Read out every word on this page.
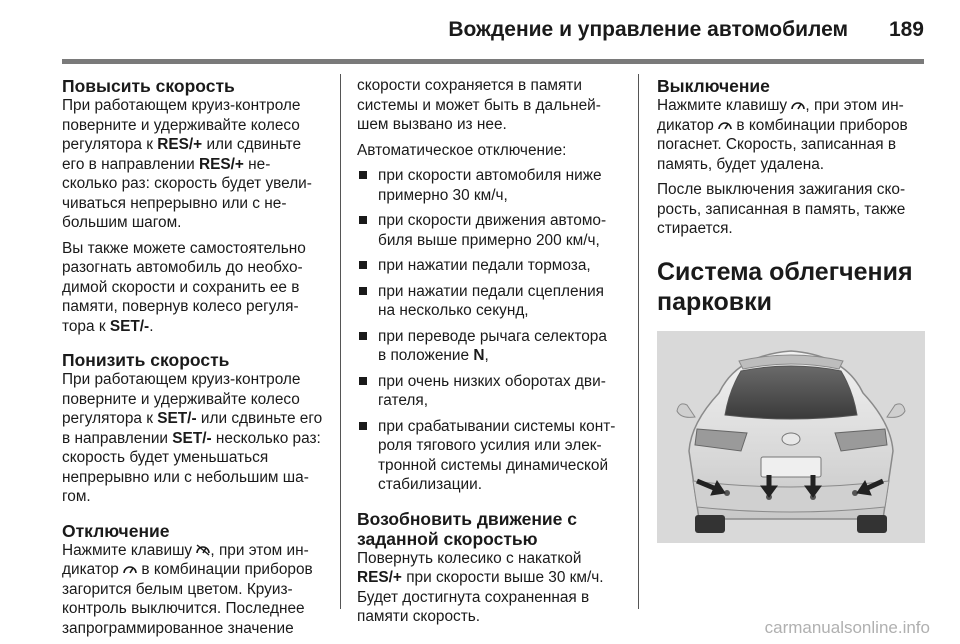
Вождение и управление автомобилем 189
Повысить скорость

При работающем круиз-контроле поверните и удерживайте колесо регулятора к RES/+ или сдвиньте его в направлении RES/+ не-сколько раз: скорость будет увели-чиваться непрерывно или с не-большим шагом.

Вы также можете самостоятельно разогнать автомобиль до необхо-димой скорости и сохранить ее в памяти, повернув колесо регуля-тора к SET/-.

Понизить скорость

При работающем круиз-контроле поверните и удерживайте колесо регулятора к SET/- или сдвиньте его в направлении SET/- несколько раз: скорость будет уменьшаться непрерывно или с небольшим ша-гом.

Отключение

Нажмите клавишу , при этом ин-дикатор  в комбинации приборов загорится белым цветом. Круиз-контроль выключится. Последнее запрограммированное значение

скорости сохраняется в памяти системы и может быть в дальней-шем вызвано из нее.

Автоматическое отключение:

при скорости автомобиля ниже примерно 30 км/ч,
при скорости движения автомо-биля выше примерно 200 км/ч,
при нажатии педали тормоза,
при нажатии педали сцепления на несколько секунд,
при переводе рычага селектора в положение N,
при очень низких оборотах дви-гателя,
при срабатывании системы конт-роля тягового усилия или элек-тронной системы динамической стабилизации.
Возобновить движение с заданной скоростью

Повернуть колесико с накаткой RES/+ при скорости выше 30 км/ч. Будет достигнута сохраненная в памяти скорость.

Выключение

Нажмите клавишу , при этом ин-дикатор  в комбинации приборов погаснет. Скорость, записанная в память, будет удалена.

После выключения зажигания ско-рость, записанная в память, также стирается.

Система облегчения парковки
carmanualsonline.info
